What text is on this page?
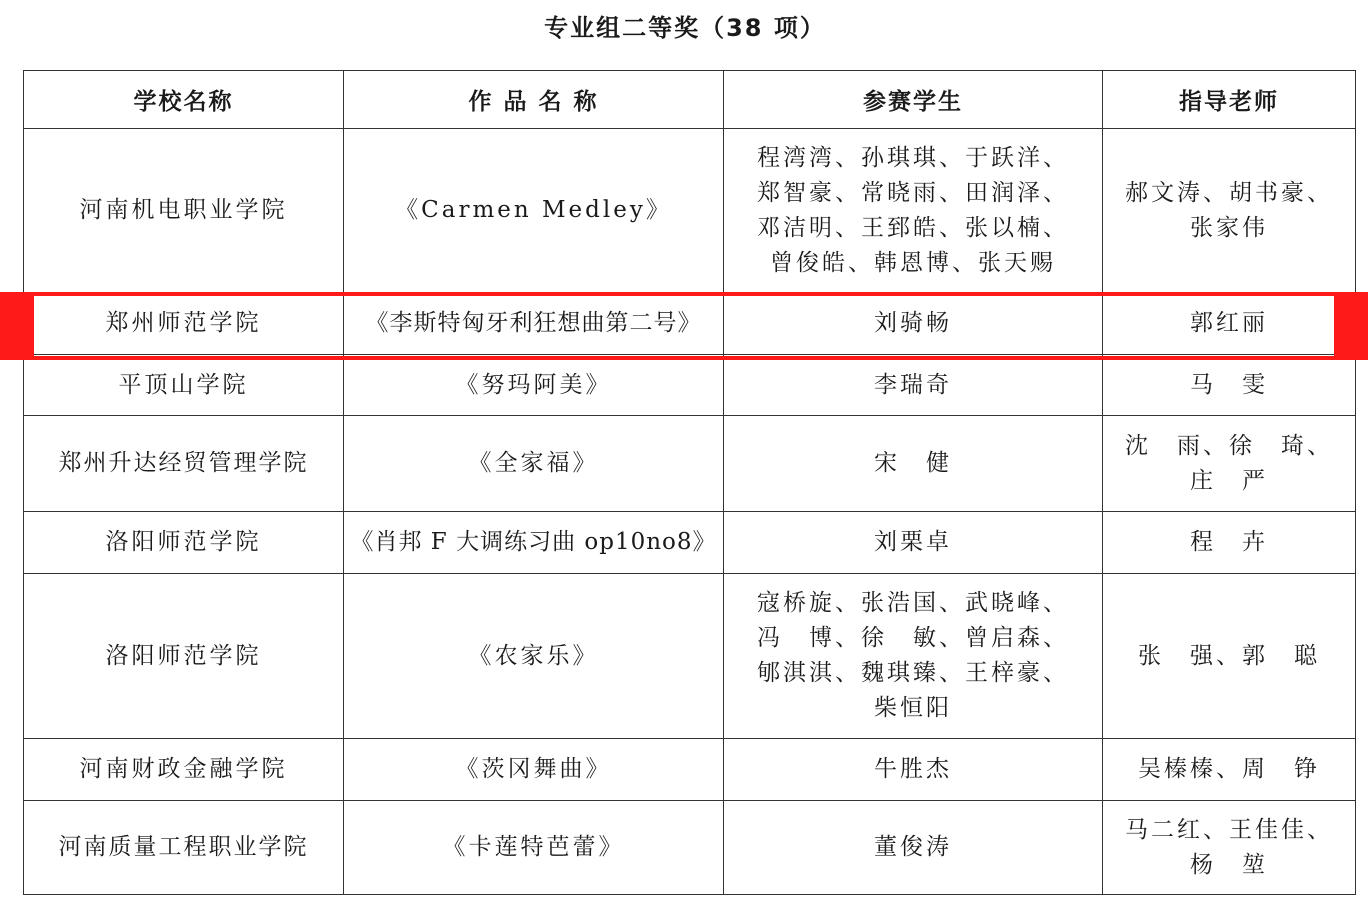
专业组二等奖（38 项）
学校名称	作 品 名 称	参赛学生	指导老师
河南机电职业学院	《Carmen Medley》	程湾湾、孙琪琪、于跃洋、
郑智豪、常晓雨、田润泽、
邓洁明、王郅皓、张以楠、
曾俊皓、韩恩博、张天赐	郝文涛、胡书豪、
张家伟

郑州师范学院	《李斯特匈牙利狂想曲第二号》	刘骑畅	郭红丽

平顶山学院	《努玛阿美》	李瑞奇	马　雯

郑州升达经贸管理学院	《全家福》	宋　健	沈　雨、徐　琦、
庄　严

洛阳师范学院	《肖邦 F 大调练习曲 op10no8》	刘栗卓	程　卉

洛阳师范学院	《农家乐》	寇桥旋、张浩国、武晓峰、
冯　博、徐　敏、曾启森、
郇淇淇、魏琪臻、王梓豪、
柴恒阳	张　强、郭　聪

河南财政金融学院	《茨冈舞曲》	牛胜杰	吴榛榛、周　铮

河南质量工程职业学院	《卡莲特芭蕾》	董俊涛	马二红、王佳佳、
杨　堃
